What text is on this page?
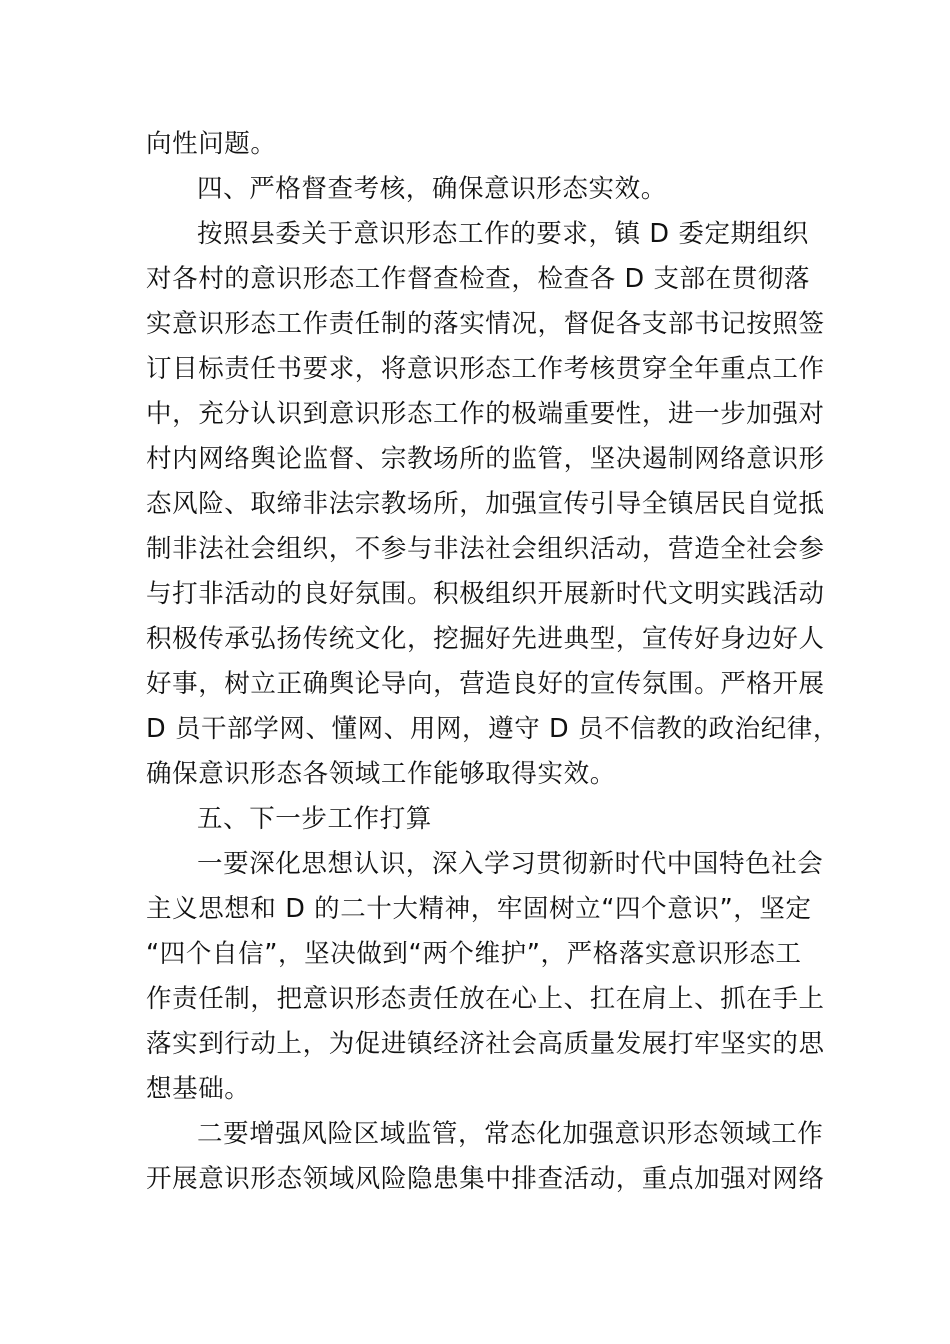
向性问题。
四、严格督查考核，确保意识形态实效。
按照县委关于意识形态工作的要求，镇 D 委定期组织
对各村的意识形态工作督查检查，检查各 D 支部在贯彻落
实意识形态工作责任制的落实情况，督促各支部书记按照签
订目标责任书要求，将意识形态工作考核贯穿全年重点工作
中，充分认识到意识形态工作的极端重要性，进一步加强对
村内网络舆论监督、宗教场所的监管，坚决遏制网络意识形
态风险、取缔非法宗教场所，加强宣传引导全镇居民自觉抵
制非法社会组织，不参与非法社会组织活动，营造全社会参
与打非活动的良好氛围。积极组织开展新时代文明实践活动
积极传承弘扬传统文化，挖掘好先进典型，宣传好身边好人
好事，树立正确舆论导向，营造良好的宣传氛围。严格开展
D 员干部学网、懂网、用网，遵守 D 员不信教的政治纪律，
确保意识形态各领域工作能够取得实效。
五、下一步工作打算
一要深化思想认识，深入学习贯彻新时代中国特色社会
主义思想和 D 的二十大精神，牢固树立“四个意识”，坚定
“四个自信”，坚决做到“两个维护”，严格落实意识形态工
作责任制，把意识形态责任放在心上、扛在肩上、抓在手上
落实到行动上，为促进镇经济社会高质量发展打牢坚实的思
想基础。
二要增强风险区域监管，常态化加强意识形态领域工作
开展意识形态领域风险隐患集中排查活动，重点加强对网络
